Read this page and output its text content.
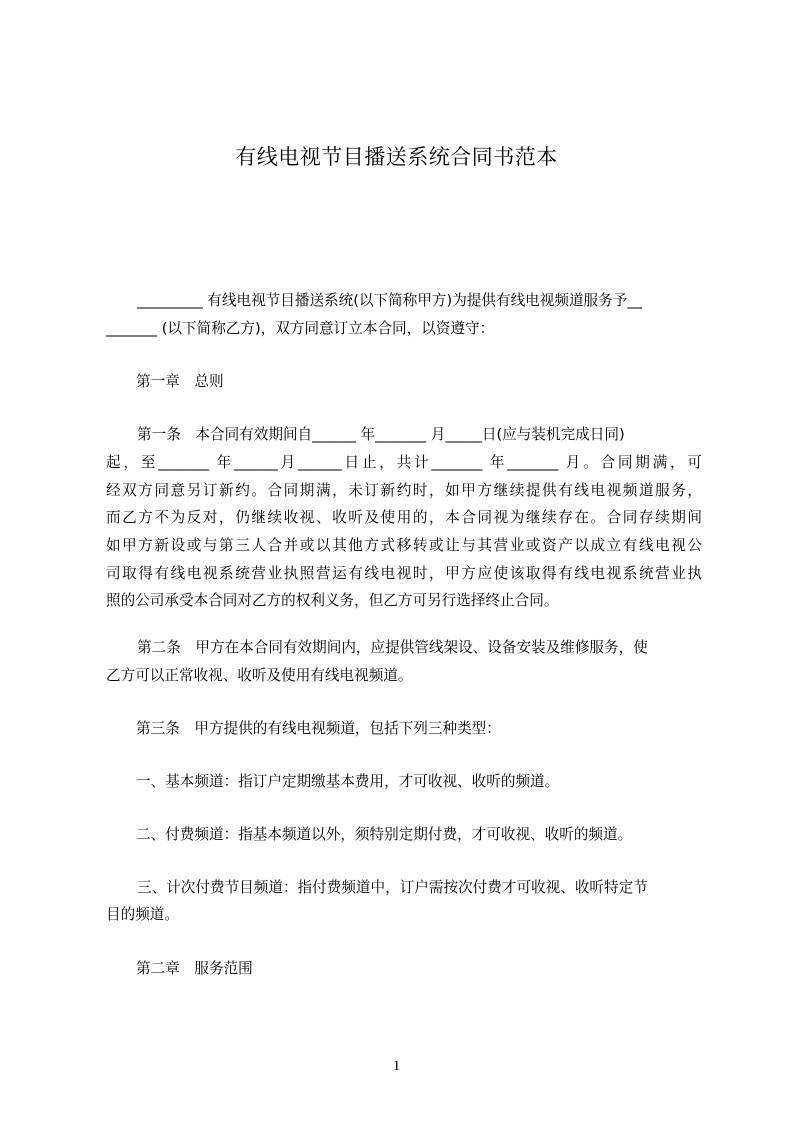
有线电视节目播送系统合同书范本
_________ 有线电视节目播送系统(以下简称甲方)为提供有线电视频道服务予__
_______ (以下简称乙方)，双方同意订立本合同，以资遵守：
第一章　总则
第一条　本合同有效期间自______ 年_______ 月_____日(应与装机完成日同)
起，至_______ 年______月______日止，共计_______ 年_______ 月。合同期满，可
经双方同意另订新约。合同期满，未订新约时，如甲方继续提供有线电视频道服务，
而乙方不为反对，仍继续收视、收听及使用的，本合同视为继续存在。合同存续期间
如甲方新设或与第三人合并或以其他方式移转或让与其营业或资产以成立有线电视公
司取得有线电视系统营业执照营运有线电视时，甲方应使该取得有线电视系统营业执
照的公司承受本合同对乙方的权利义务，但乙方可另行选择终止合同。
第二条　甲方在本合同有效期间内，应提供管线架设、设备安装及维修服务，使
乙方可以正常收视、收听及使用有线电视频道。
第三条　甲方提供的有线电视频道，包括下列三种类型：
一、基本频道：指订户定期缴基本费用，才可收视、收听的频道。
二、付费频道：指基本频道以外，须特别定期付费，才可收视、收听的频道。
三、计次付费节目频道：指付费频道中，订户需按次付费才可收视、收听特定节
目的频道。
第二章　服务范围
1
